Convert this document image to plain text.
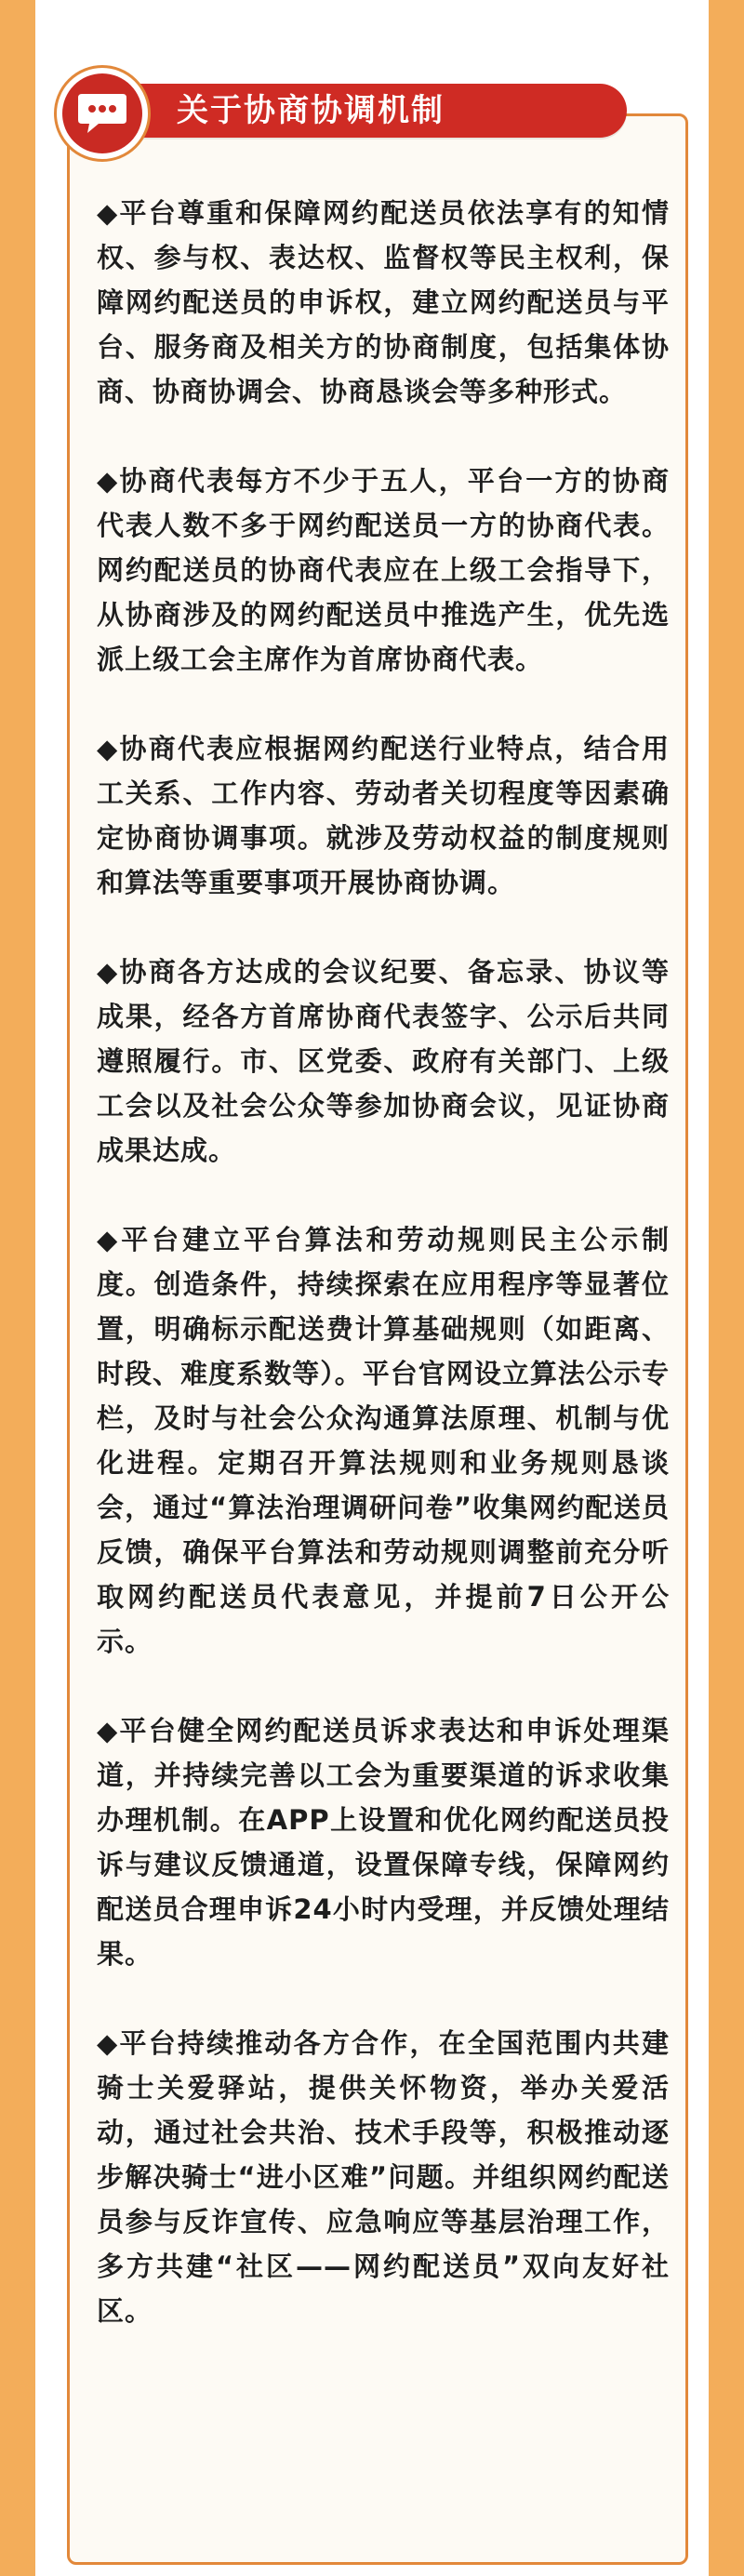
关于协商协调机制

◆平台尊重和保障网约配送员依法享有的知情权、参与权、表达权、监督权等民主权利，保障网约配送员的申诉权，建立网约配送员与平台、服务商及相关方的协商制度，包括集体协商、协商协调会、协商恳谈会等多种形式。

◆协商代表每方不少于五人，平台一方的协商代表人数不多于网约配送员一方的协商代表。网约配送员的协商代表应在上级工会指导下，从协商涉及的网约配送员中推选产生，优先选派上级工会主席作为首席协商代表。

◆协商代表应根据网约配送行业特点，结合用工关系、工作内容、劳动者关切程度等因素确定协商协调事项。就涉及劳动权益的制度规则和算法等重要事项开展协商协调。

◆协商各方达成的会议纪要、备忘录、协议等成果，经各方首席协商代表签字、公示后共同遵照履行。市、区党委、政府有关部门、上级工会以及社会公众等参加协商会议，见证协商成果达成。

◆平台建立平台算法和劳动规则民主公示制度。创造条件，持续探索在应用程序等显著位置，明确标示配送费计算基础规则（如距离、时段、难度系数等）。平台官网设立算法公示专栏，及时与社会公众沟通算法原理、机制与优化进程。定期召开算法规则和业务规则恳谈会，通过“算法治理调研问卷”收集网约配送员反馈，确保平台算法和劳动规则调整前充分听取网约配送员代表意见，并提前7日公开公示。

◆平台健全网约配送员诉求表达和申诉处理渠道，并持续完善以工会为重要渠道的诉求收集办理机制。在APP上设置和优化网约配送员投诉与建议反馈通道，设置保障专线，保障网约配送员合理申诉24小时内受理，并反馈处理结果。

◆平台持续推动各方合作，在全国范围内共建骑士关爱驿站，提供关怀物资，举办关爱活动，通过社会共治、技术手段等，积极推动逐步解决骑士“进小区难”问题。并组织网约配送员参与反诈宣传、应急响应等基层治理工作，多方共建“社区——网约配送员”双向友好社区。
